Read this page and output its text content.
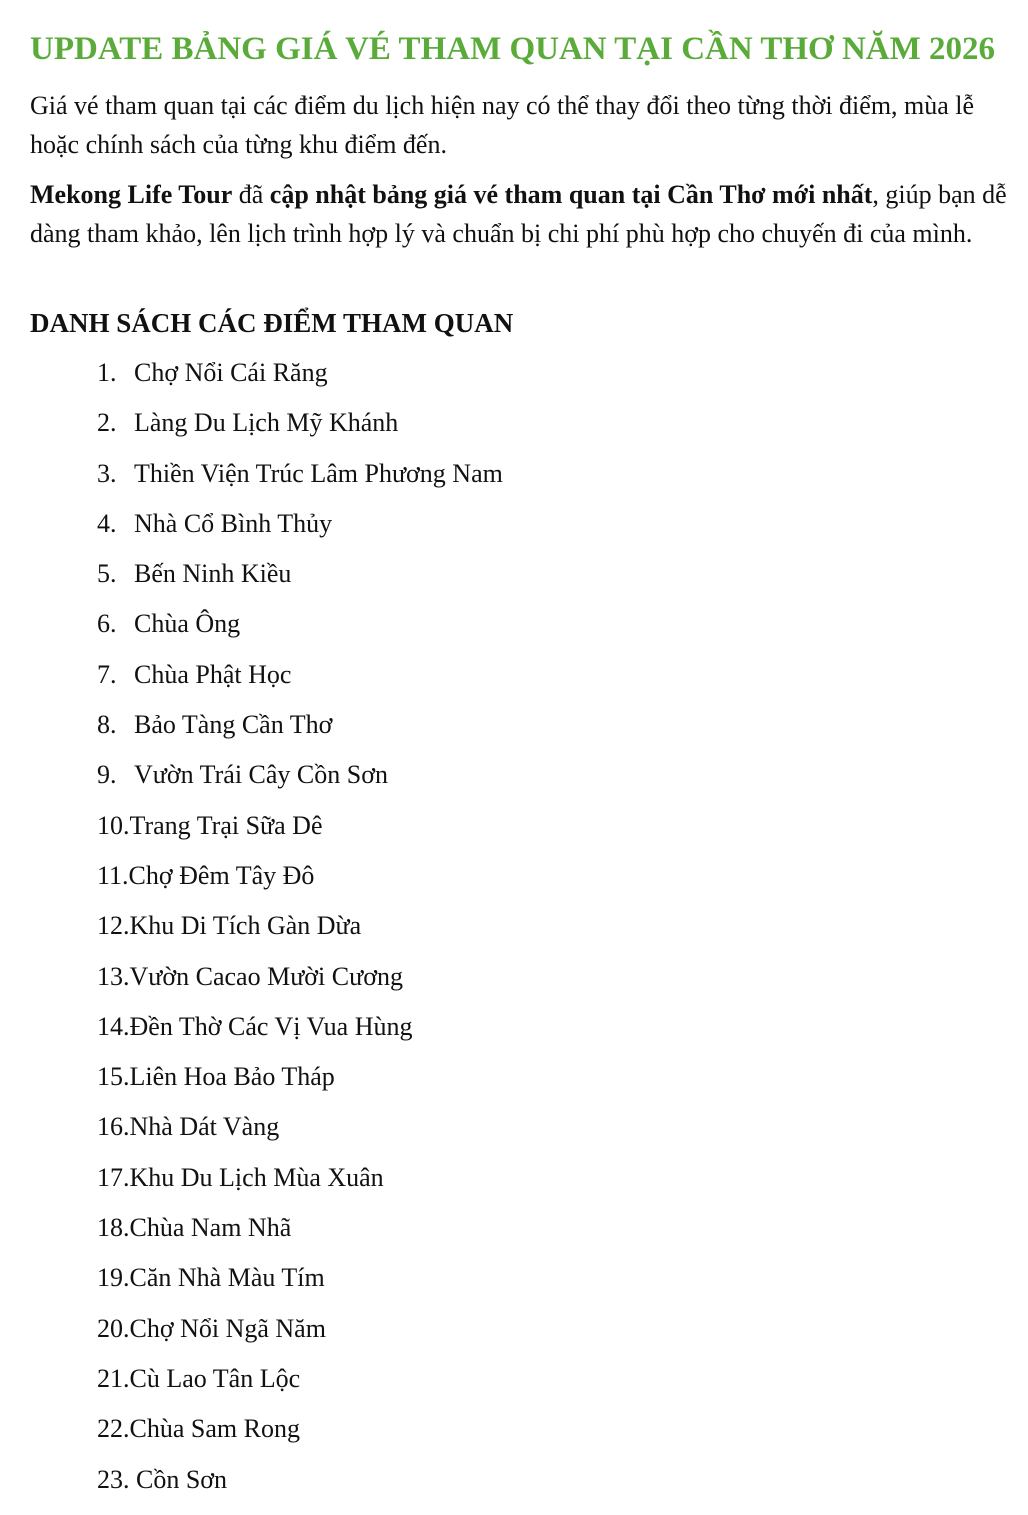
UPDATE BẢNG GIÁ VÉ THAM QUAN TẠI CẦN THƠ NĂM 2026

Giá vé tham quan tại các điểm du lịch hiện nay có thể thay đổi theo từng thời điểm, mùa lễ hoặc chính sách của từng khu điểm đến.

Mekong Life Tour đã cập nhật bảng giá vé tham quan tại Cần Thơ mới nhất, giúp bạn dễ dàng tham khảo, lên lịch trình hợp lý và chuẩn bị chi phí phù hợp cho chuyến đi của mình.

DANH SÁCH CÁC ĐIỂM THAM QUAN
1. Chợ Nổi Cái Răng
2. Làng Du Lịch Mỹ Khánh
3. Thiền Viện Trúc Lâm Phương Nam
4. Nhà Cổ Bình Thủy
5. Bến Ninh Kiều
6. Chùa Ông
7. Chùa Phật Học
8. Bảo Tàng Cần Thơ
9. Vườn Trái Cây Cồn Sơn
10. Trang Trại Sữa Dê
11. Chợ Đêm Tây Đô
12. Khu Di Tích Gàn Dừa
13. Vườn Cacao Mười Cương
14. Đền Thờ Các Vị Vua Hùng
15. Liên Hoa Bảo Tháp
16. Nhà Dát Vàng
17. Khu Du Lịch Mùa Xuân
18. Chùa Nam Nhã
19. Căn Nhà Màu Tím
20. Chợ Nổi Ngã Năm
21. Cù Lao Tân Lộc
22. Chùa Sam Rong
23. Cồn Sơn
